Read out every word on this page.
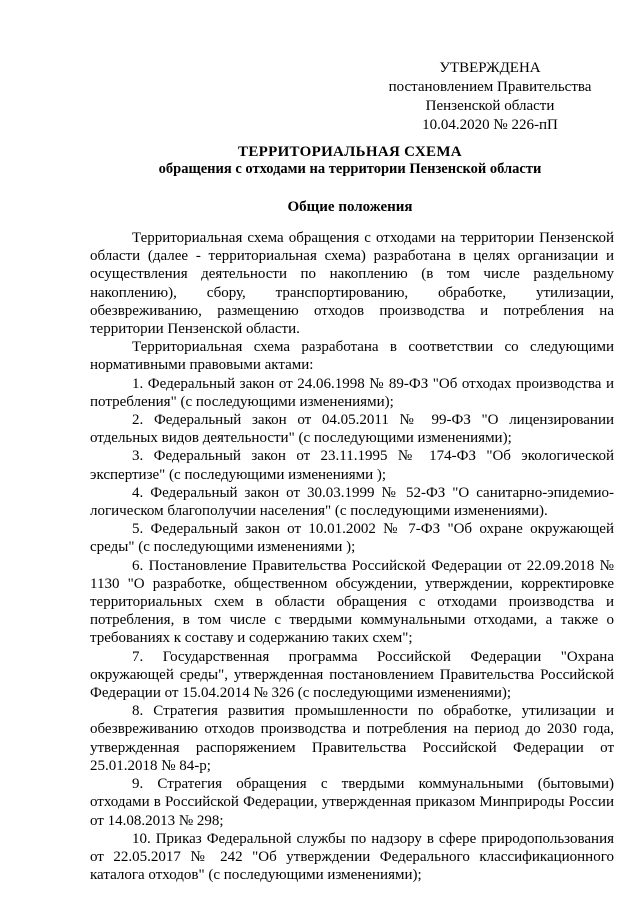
УТВЕРЖДЕНА
постановлением Правительства
Пензенской области
10.04.2020 № 226-пП
ТЕРРИТОРИАЛЬНАЯ СХЕМА
обращения с отходами на территории Пензенской области
Общие положения

Территориальная схема обращения с отходами на территории Пензенской области (далее - территориальная схема) разработана в целях организации и осуществления деятельности по накоплению (в том числе раздельному накоплению), сбору, транспортированию, обработке, утилизации, обезвреживанию, размещению отходов производства и потребления на территории Пензенской области.

Территориальная схема разработана в соответствии со следующими нормативными правовыми актами:

1. Федеральный закон от 24.06.1998 № 89-ФЗ "Об отходах производства и потребления" (с последующими изменениями);

2. Федеральный закон от 04.05.2011 № 99-ФЗ "О лицензировании отдельных видов деятельности" (с последующими изменениями);

3. Федеральный закон от 23.11.1995 № 174-ФЗ "Об экологической экспертизе" (с последующими изменениями );

4. Федеральный закон от 30.03.1999 № 52-ФЗ "О санитарно-эпидемио-логическом благополучии населения" (с последующими изменениями).

5. Федеральный закон от 10.01.2002 № 7-ФЗ "Об охране окружающей среды" (с последующими изменениями );

6. Постановление Правительства Российской Федерации от 22.09.2018 № 1130 "О разработке, общественном обсуждении, утверждении, корректировке территориальных схем в области обращения с отходами производства и потребления, в том числе с твердыми коммунальными отходами, а также о требованиях к составу и содержанию таких схем";

7. Государственная программа Российской Федерации "Охрана окружающей среды", утвержденная постановлением Правительства Российской Федерации от 15.04.2014 № 326 (с последующими изменениями);

8. Стратегия развития промышленности по обработке, утилизации и обезвреживанию отходов производства и потребления на период до 2030 года, утвержденная распоряжением Правительства Российской Федерации от 25.01.2018 № 84-р;

9. Стратегия обращения с твердыми коммунальными (бытовыми) отходами в Российской Федерации, утвержденная приказом Минприроды России от 14.08.2013 № 298;

10. Приказ Федеральной службы по надзору в сфере природопользования от 22.05.2017 № 242 "Об утверждении Федерального классификационного каталога отходов" (с последующими изменениями);
